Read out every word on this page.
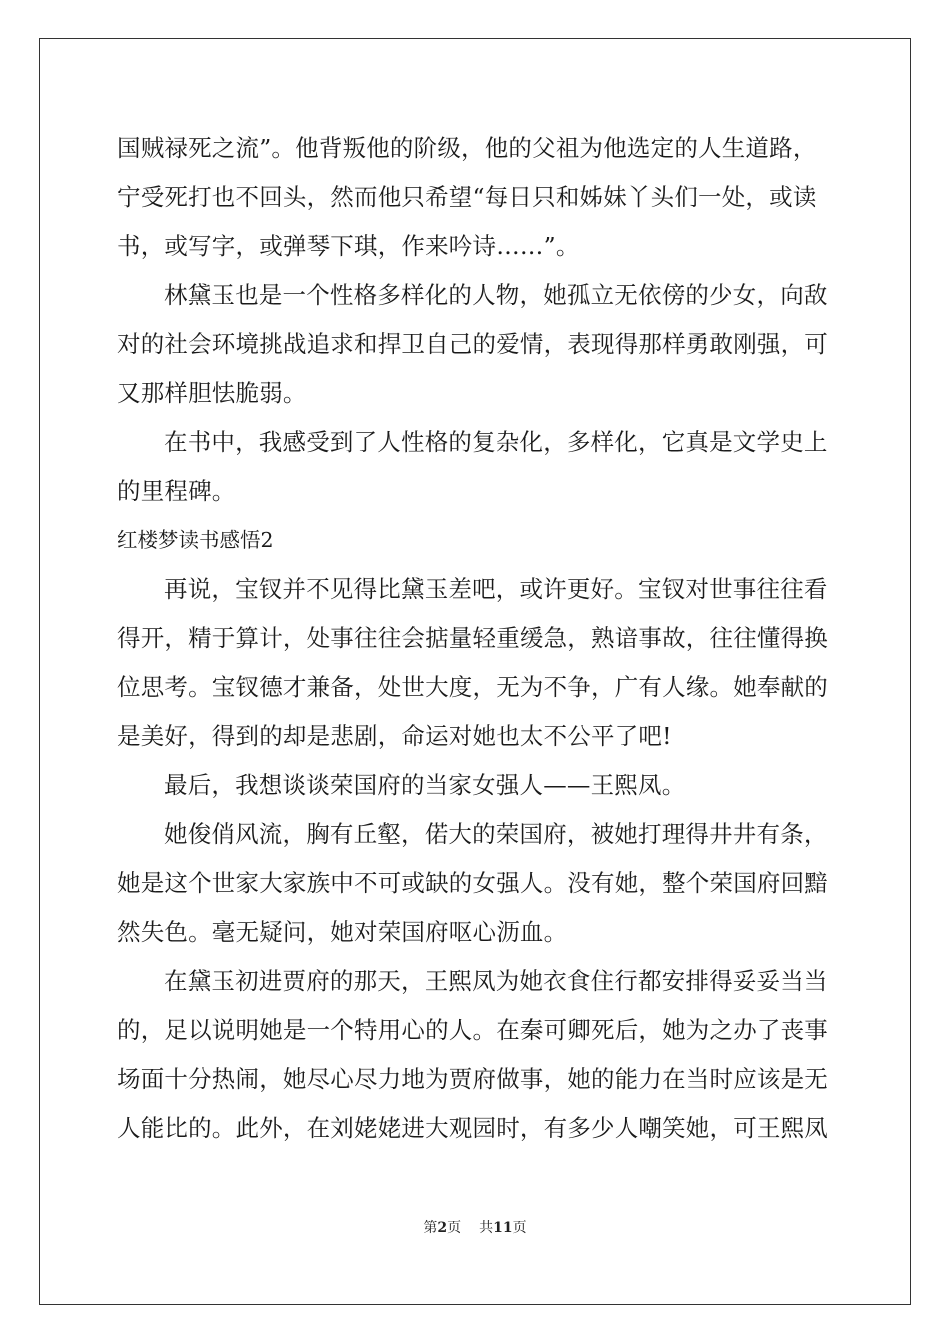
国贼禄死之流”。他背叛他的阶级，他的父祖为他选定的人生道路，
宁受死打也不回头，然而他只希望“每日只和姊妹丫头们一处，或读
书，或写字，或弹琴下琪，作来吟诗……”。
林黛玉也是一个性格多样化的人物，她孤立无依傍的少女，向敌
对的社会环境挑战追求和捍卫自己的爱情，表现得那样勇敢刚强，可
又那样胆怯脆弱。
在书中，我感受到了人性格的复杂化，多样化，它真是文学史上
的里程碑。
红楼梦读书感悟2
再说，宝钗并不见得比黛玉差吧，或许更好。宝钗对世事往往看
得开，精于算计，处事往往会掂量轻重缓急，熟谙事故，往往懂得换
位思考。宝钗德才兼备，处世大度，无为不争，广有人缘。她奉献的
是美好，得到的却是悲剧，命运对她也太不公平了吧!
最后，我想谈谈荣国府的当家女强人——王熙凤。
她俊俏风流，胸有丘壑，偌大的荣国府，被她打理得井井有条，
她是这个世家大家族中不可或缺的女强人。没有她，整个荣国府回黯
然失色。毫无疑问，她对荣国府呕心沥血。
在黛玉初进贾府的那天，王熙凤为她衣食住行都安排得妥妥当当
的，足以说明她是一个特用心的人。在秦可卿死后，她为之办了丧事
场面十分热闹，她尽心尽力地为贾府做事，她的能力在当时应该是无
人能比的。此外，在刘姥姥进大观园时，有多少人嘲笑她，可王熙凤
第2页 共11页
